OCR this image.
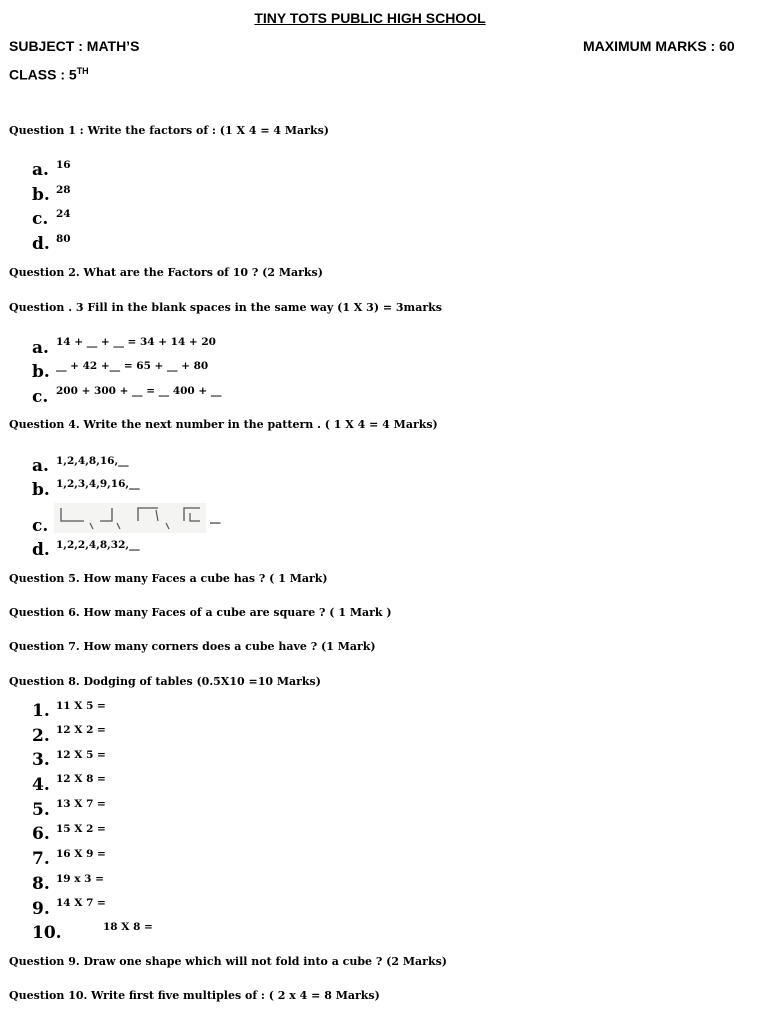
TINY TOTS PUBLIC HIGH SCHOOL
SUBJECT : MATH’S	MAXIMUM MARKS : 60
CLASS : 5TH
Question 1 : Write the factors of : (1 X 4 = 4 Marks)
a. 16
b. 28
c. 24
d. 80
Question 2. What are the Factors of 10 ? (2 Marks)
Question . 3 Fill in the blank spaces in the same way (1 X 3) = 3marks
a. 14 + __ + __ = 34 + 14 + 20
b. __ + 42 +__ = 65 + __ + 80
c. 200 + 300 + __ = __ 400 + __
Question 4. Write the next number in the pattern . ( 1 X 4 = 4 Marks)
a. 1,2,4,8,16,__
b. 1,2,3,4,9,16,__
c.	__
d. 1,2,2,4,8,32,__
Question 5. How many Faces a cube has ? ( 1 Mark)
Question 6. How many Faces of a cube are square ? ( 1 Mark )
Question 7. How many corners does a cube have ? (1 Mark)
Question 8. Dodging of tables (0.5X10 =10 Marks)
1. 11 X 5 =
2. 12 X 2 =
3. 12 X 5 =
4. 12 X 8 =
5. 13 X 7 =
6. 15 X 2 =
7. 16 X 9 =
8. 19 x 3 =
9. 14 X 7 =
10.	18 X 8 =
Question 9. Draw one shape which will not fold into a cube ? (2 Marks)
Question 10. Write first five multiples of : ( 2 x 4 = 8 Marks)
